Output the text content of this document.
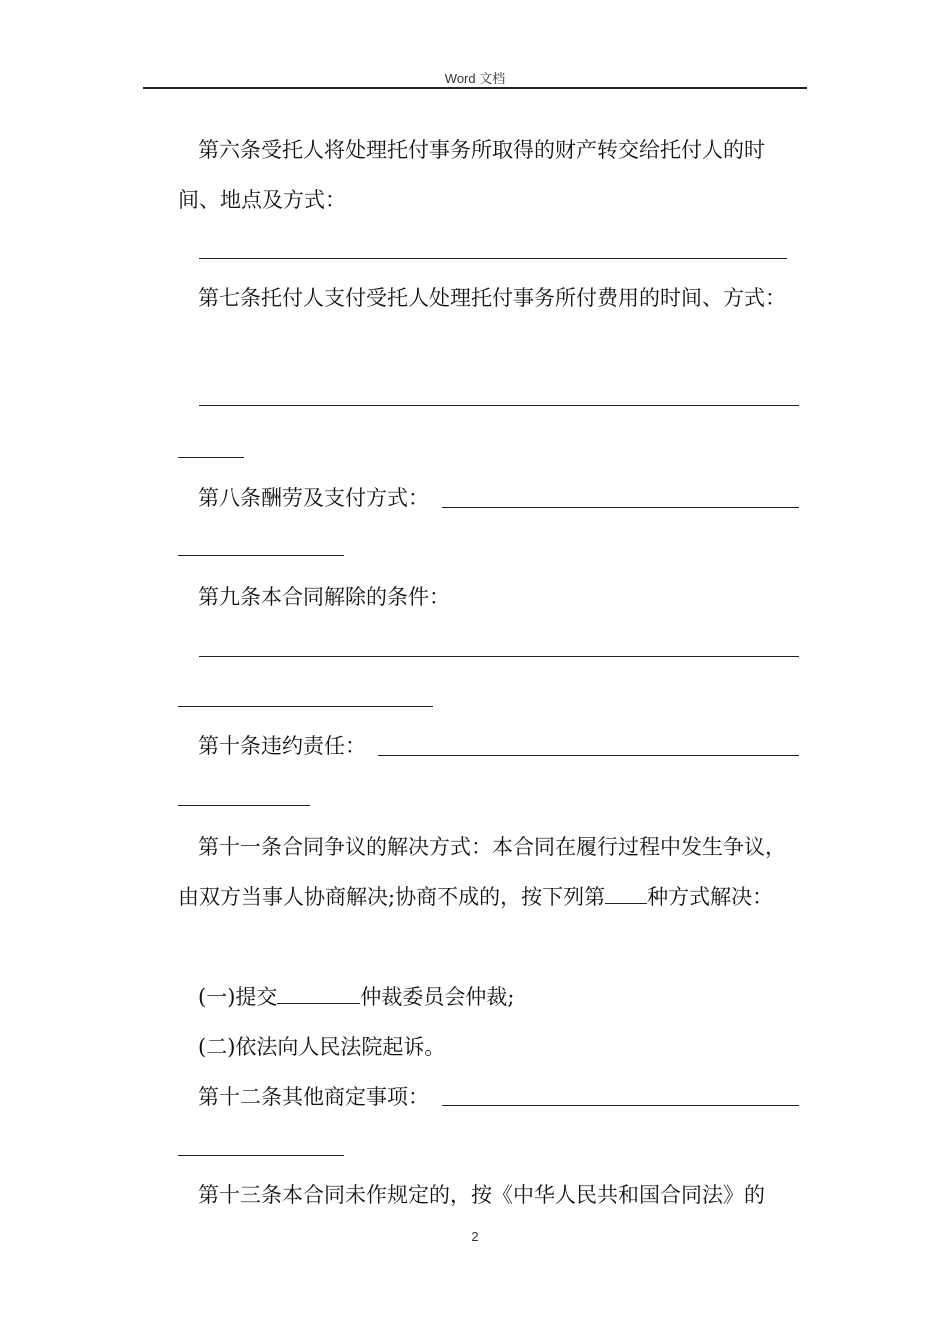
Word 文档
第六条受托人将处理托付事务所取得的财产转交给托付人的时
间、地点及方式：
第七条托付人支付受托人处理托付事务所付费用的时间、方式：
第八条酬劳及支付方式：
第九条本合同解除的条件：
第十条违约责任：
第十一条合同争议的解决方式：本合同在履行过程中发生争议，
由双方当事人协商解决;协商不成的，按下列第 种方式解决：
(一)提交	仲裁委员会仲裁;
(二)依法向人民法院起诉。
第十二条其他商定事项：
第十三条本合同未作规定的，按《中华人民共和国合同法》的
2
